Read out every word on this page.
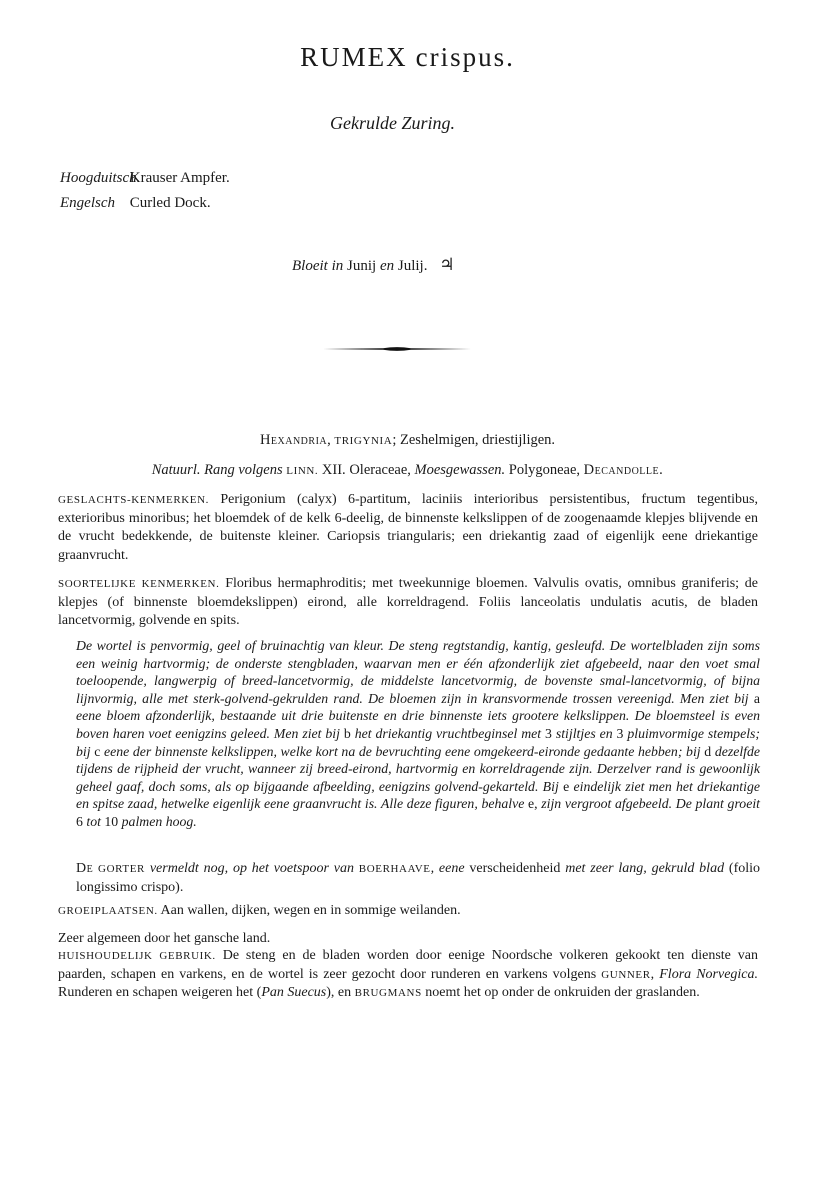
RUMEX crispus.
Gekrulde Zuring.
Hoogduitsch. Krauser Ampfer.
Engelsch Curled Dock.
Bloeit in Junij en Julij. ♃
Hexandria, TRIGYNIA; Zeshelmigen, driestijligen.
Natuurl. Rang volgens LINN. XII. Oleraceae, Moesgewassen. Polygoneae, Decandolle.
GESLACHTS-KENMERKEN. Perigonium (calyx) 6-partitum, laciniis interioribus persistentibus, fructum tegentibus, exterioribus minoribus; het bloemdek of de kelk 6-deelig, de binnenste kelkslippen of de zoogenaamde klepjes blijvende en de vrucht bedekkende, de buitenste kleiner. Cariopsis triangularis; een driekantig zaad of eigenlijk eene driekantige graanvrucht.
SOORTELIJKE KENMERKEN. Floribus hermaphroditis; met tweekunnige bloemen. Valvulis ovatis, omnibus graniferis; de klepjes (of binnenste bloemdekslippen) eirond, alle korreldragend. Foliis lanceolatis undulatis acutis, de bladen lancetvormig, golvende en spits.
De wortel is penvormig, geel of bruinachtig van kleur. De steng regtstandig, kantig, gesleufd. De wortelbladen zijn soms een weinig hartvormig; de onderste stengbladen, waarvan men er één afzonderlijk ziet afgebeeld, naar den voet smal toeloopende, langwerpig of breed-lancetvormig, de middelste lancetvormig, de bovenste smal-lancetvormig, of bijna lijnvormig, alle met sterk-golvend-gekrulden rand. De bloemen zijn in kransvormende trossen vereenigd. Men ziet bij a eene bloem afzonderlijk, bestaande uit drie buitenste en drie binnenste iets grootere kelkslippen. De bloemsteel is even boven haren voet eenigzins geleed. Men ziet bij b het driekantig vruchtbeginsel met 3 stijltjes en 3 pluimvormige stempels; bij c eene der binnenste kelkslippen, welke kort na de bevruchting eene omgekeerd-eironde gedaante hebben; bij d dezelfde tijdens de rijpheid der vrucht, wanneer zij breed-eirond, hartvormig en korreldragende zijn. Derzelver rand is gewoonlijk geheel gaaf, doch soms, als op bijgaande afbeelding, eenigzins golvend-gekarteld. Bij e eindelijk ziet men het driekantige en spitse zaad, hetwelke eigenlijk eene graanvrucht is. Alle deze figuren, behalve e, zijn vergroot afgebeeld. De plant groeit 6 tot 10 palmen hoog.
De GORTER vermeldt nog, op het voetspoor van BOERHAAVE, eene verscheidenheid met zeer lang, gekruld blad (folio longissimo crispo).
GROEIPLAATSEN. Aan wallen, dijken, wegen en in sommige weilanden.
Zeer algemeen door het gansche land.
HUISHOUDELIJK GEBRUIK. De steng en de bladen worden door eenige Noordsche volkeren gekookt ten dienste van paarden, schapen en varkens, en de wortel is zeer gezocht door runderen en varkens volgens GUNNER, Flora Norvegica. Runderen en schapen weigeren het (Pan Suecus), en BRUGMANS noemt het op onder de onkruiden der graslanden.
